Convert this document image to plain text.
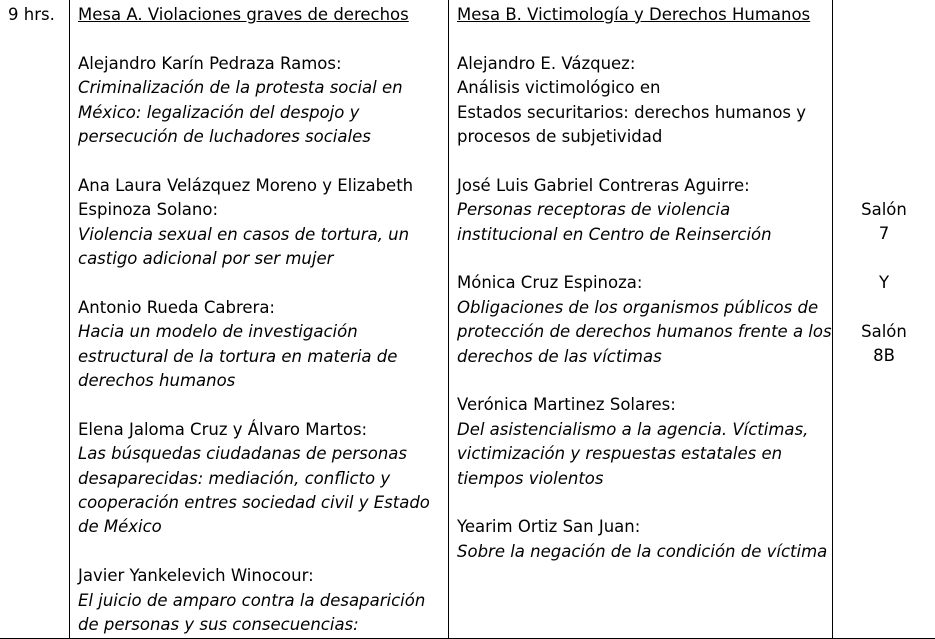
9 hrs.	Mesa A. Violaciones graves de derechos

Alejandro Karín Pedraza Ramos:

Criminalización de la protesta social en

México: legalización del despojo y

persecución de luchadores sociales

Ana Laura Velázquez Moreno y Elizabeth

Espinoza Solano:

Violencia sexual en casos de tortura, un

castigo adicional por ser mujer

Antonio Rueda Cabrera:

Hacia un modelo de investigación

estructural de la tortura en materia de

derechos humanos

Elena Jaloma Cruz y Álvaro Martos:

Las búsquedas ciudadanas de personas

desaparecidas: mediación, conflicto y

cooperación entres sociedad civil y Estado

de México

Javier Yankelevich Winocour:

El juicio de amparo contra la desaparición

de personas y sus consecuencias:

Mesa B. Victimología y Derechos Humanos

Alejandro E. Vázquez:

Análisis victimológico en

Estados securitarios: derechos humanos y

procesos de subjetividad

José Luis Gabriel Contreras Aguirre:

Personas receptoras de violencia

institucional en Centro de Reinserción

Mónica Cruz Espinoza:

Obligaciones de los organismos públicos de

protección de derechos humanos frente a los

derechos de las víctimas

Verónica Martinez Solares:

Del asistencialismo a la agencia. Víctimas,

victimización y respuestas estatales en

tiempos violentos

Yearim Ortiz San Juan:

Sobre la negación de la condición de víctima

Salón
7
Y
Salón
8B
